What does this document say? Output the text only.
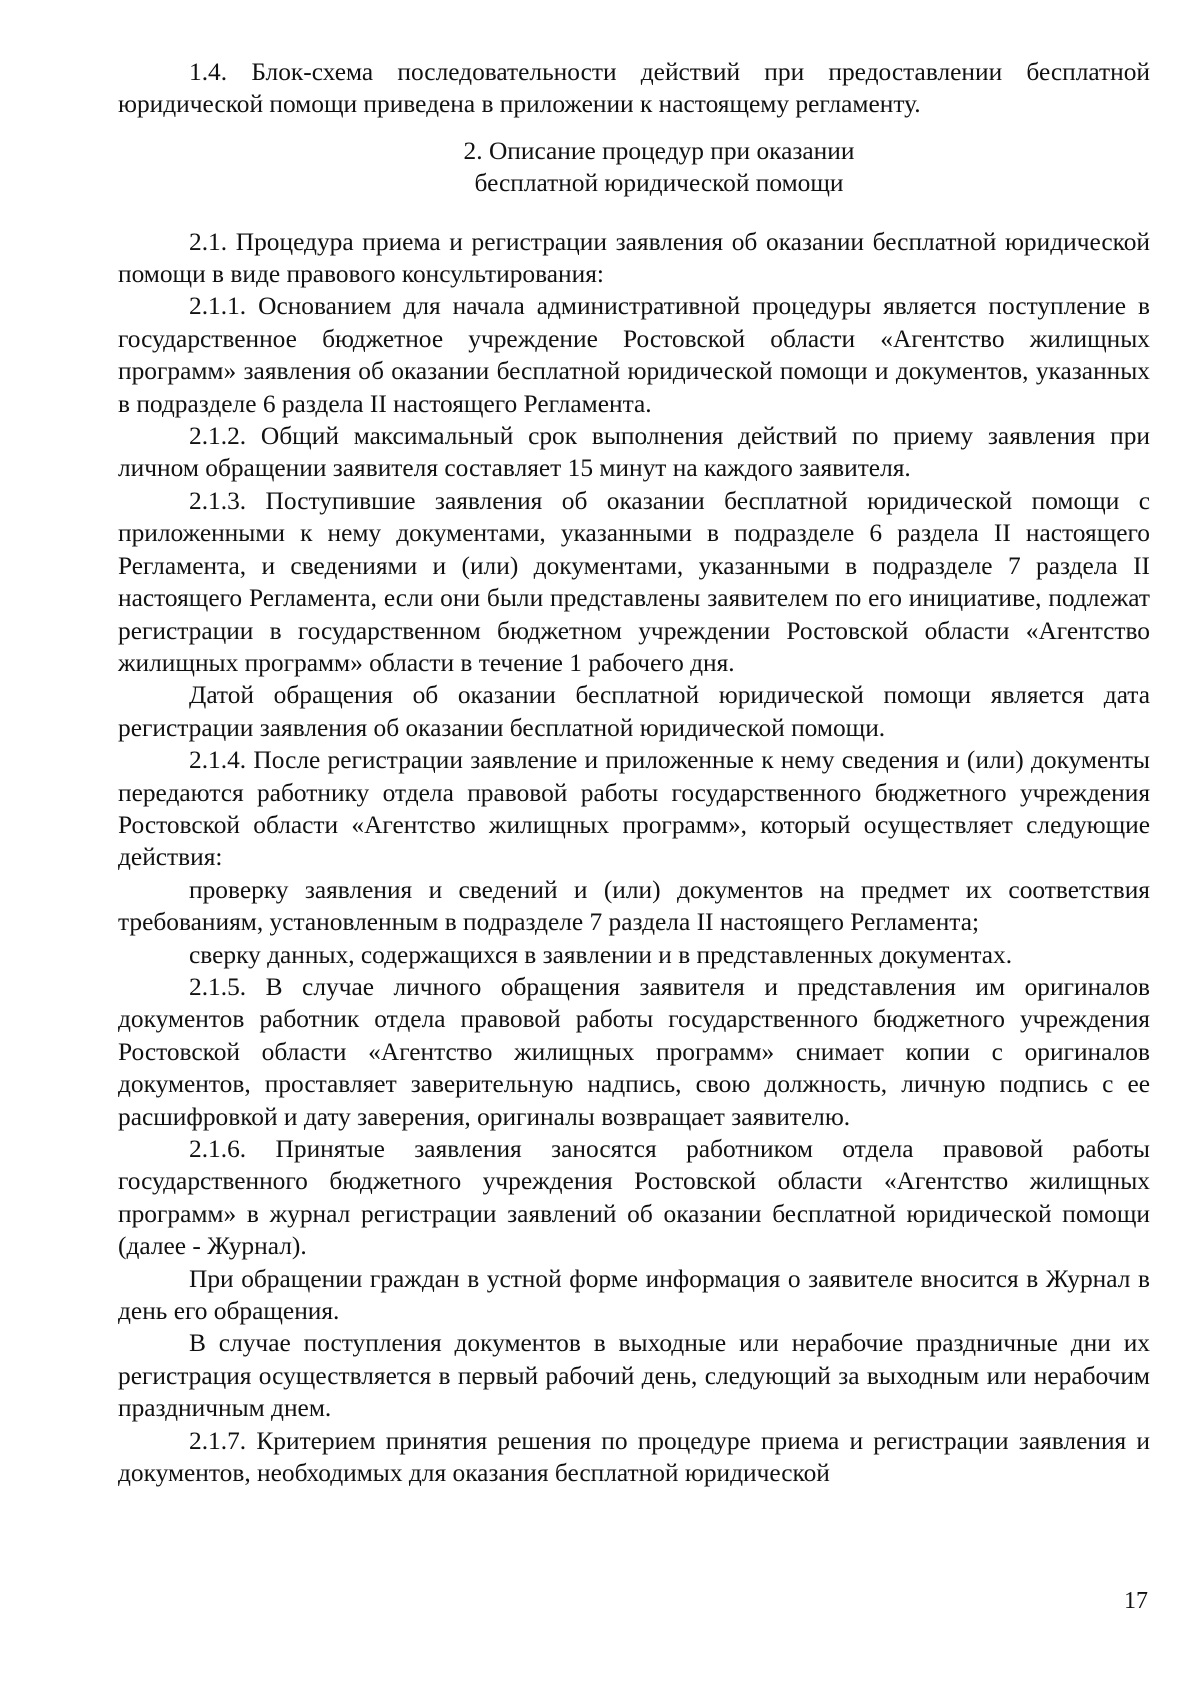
1.4. Блок-схема последовательности действий при предоставлении бесплатной юридической помощи приведена в приложении к настоящему регламенту.

2. Описание процедур при оказании
бесплатной юридической помощи

2.1. Процедура приема и регистрации заявления об оказании бесплатной юридической помощи в виде правового консультирования:

2.1.1. Основанием для начала административной процедуры является поступление в государственное бюджетное учреждение Ростовской области «Агентство жилищных программ» заявления об оказании бесплатной юридической помощи и документов, указанных в подразделе 6 раздела II настоящего Регламента.

2.1.2. Общий максимальный срок выполнения действий по приему заявления при личном обращении заявителя составляет 15 минут на каждого заявителя.

2.1.3. Поступившие заявления об оказании бесплатной юридической помощи с приложенными к нему документами, указанными в подразделе 6 раздела II настоящего Регламента, и сведениями и (или) документами, указанными в подразделе 7 раздела II настоящего Регламента, если они были представлены заявителем по его инициативе, подлежат регистрации в государственном бюджетном учреждении Ростовской области «Агентство жилищных программ» области в течение 1 рабочего дня.

Датой обращения об оказании бесплатной юридической помощи является дата регистрации заявления об оказании бесплатной юридической помощи.

2.1.4. После регистрации заявление и приложенные к нему сведения и (или) документы передаются работнику отдела правовой работы государственного бюджетного учреждения Ростовской области «Агентство жилищных программ», который осуществляет следующие действия:

проверку заявления и сведений и (или) документов на предмет их соответствия требованиям, установленным в подразделе 7 раздела II настоящего Регламента;

сверку данных, содержащихся в заявлении и в представленных документах.

2.1.5. В случае личного обращения заявителя и представления им оригиналов документов работник отдела правовой работы государственного бюджетного учреждения Ростовской области «Агентство жилищных программ» снимает копии с оригиналов документов, проставляет заверительную надпись, свою должность, личную подпись с ее расшифровкой и дату заверения, оригиналы возвращает заявителю.

2.1.6. Принятые заявления заносятся работником отдела правовой работы государственного бюджетного учреждения Ростовской области «Агентство жилищных программ» в журнал регистрации заявлений об оказании бесплатной юридической помощи (далее - Журнал).

При обращении граждан в устной форме информация о заявителе вносится в Журнал в день его обращения.

В случае поступления документов в выходные или нерабочие праздничные дни их регистрация осуществляется в первый рабочий день, следующий за выходным или нерабочим праздничным днем.

2.1.7. Критерием принятия решения по процедуре приема и регистрации заявления и документов, необходимых для оказания бесплатной юридической

17
